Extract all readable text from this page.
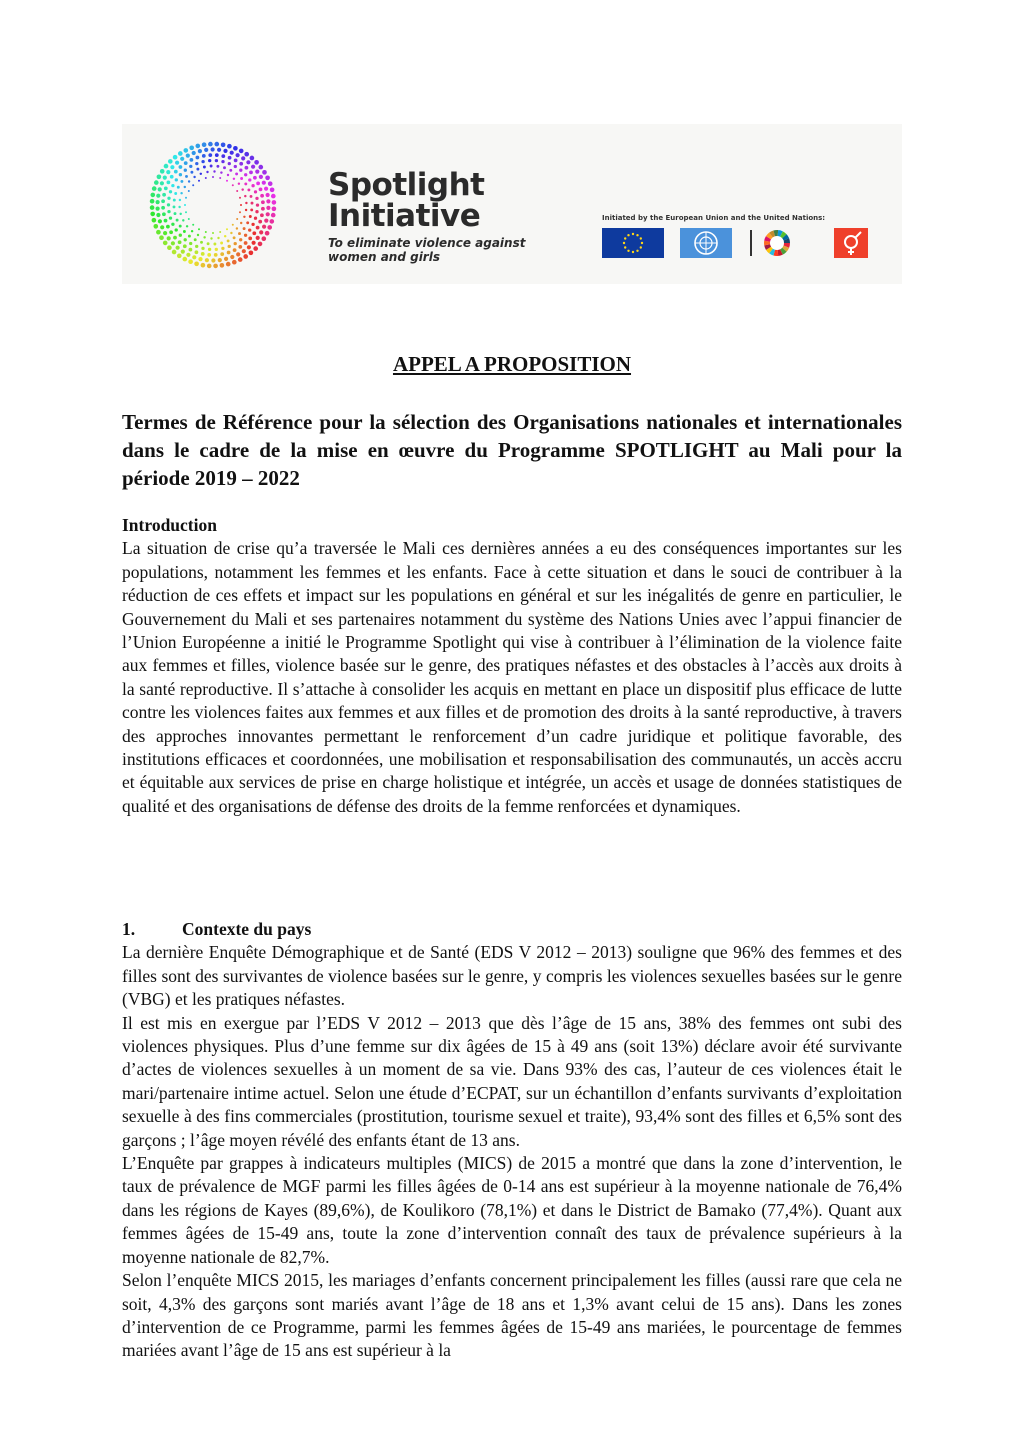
Spotlight
Initiative
To eliminate violence against women and girls
Initiated by the European Union and the United Nations:
APPEL A PROPOSITION
Termes de Référence pour la sélection des Organisations nationales et internationales dans le cadre de la mise en œuvre du Programme SPOTLIGHT au Mali pour la période 2019 – 2022

Introduction

La situation de crise qu’a traversée le Mali ces dernières années a eu des conséquences importantes sur les populations, notamment les femmes et les enfants. Face à cette situation et dans le souci de contribuer à la réduction de ces effets et impact sur les populations en général et sur les inégalités de genre en particulier, le Gouvernement du Mali et ses partenaires notamment du système des Nations Unies avec l’appui financier de l’Union Européenne a initié le Programme Spotlight qui vise à contribuer à l’élimination de la violence faite aux femmes et filles, violence basée sur le genre, des pratiques néfastes et des obstacles à l’accès aux droits à la santé reproductive. Il s’attache à consolider les acquis en mettant en place un dispositif plus efficace de lutte contre les violences faites aux femmes et aux filles et de promotion des droits à la santé reproductive, à travers des approches innovantes permettant le renforcement d’un cadre juridique et politique favorable, des institutions efficaces et coordonnées, une mobilisation et responsabilisation des communautés, un accès accru et équitable aux services de prise en charge holistique et intégrée, un accès et usage de données statistiques de qualité et des organisations de défense des droits de la femme renforcées et dynamiques.

1.	Contexte du pays

La dernière Enquête Démographique et de Santé (EDS V 2012 – 2013) souligne que 96% des femmes et des filles sont des survivantes de violence basées sur le genre, y compris les violences sexuelles basées sur le genre (VBG) et les pratiques néfastes.

Il est mis en exergue par l’EDS V 2012 – 2013 que dès l’âge de 15 ans, 38% des femmes ont subi des violences physiques. Plus d’une femme sur dix âgées de 15 à 49 ans (soit 13%) déclare avoir été survivante d’actes de violences sexuelles à un moment de sa vie. Dans 93% des cas, l’auteur de ces violences était le mari/partenaire intime actuel. Selon une étude d’ECPAT, sur un échantillon d’enfants survivants d’exploitation sexuelle à des fins commerciales (prostitution, tourisme sexuel et traite), 93,4% sont des filles et 6,5% sont des garçons ; l’âge moyen révélé des enfants étant de 13 ans.

L’Enquête par grappes à indicateurs multiples (MICS) de 2015 a montré que dans la zone d’intervention, le taux de prévalence de MGF parmi les filles âgées de 0-14 ans est supérieur à la moyenne nationale de 76,4% dans les régions de Kayes (89,6%), de Koulikoro (78,1%) et dans le District de Bamako (77,4%). Quant aux femmes âgées de 15-49 ans, toute la zone d’intervention connaît des taux de prévalence supérieurs à la moyenne nationale de 82,7%.

Selon l’enquête MICS 2015, les mariages d’enfants concernent principalement les filles (aussi rare que cela ne soit, 4,3% des garçons sont mariés avant l’âge de 18 ans et 1,3% avant celui de 15 ans). Dans les zones d’intervention de ce Programme, parmi les femmes âgées de 15-49 ans mariées, le pourcentage de femmes mariées avant l’âge de 15 ans est supérieur à la
